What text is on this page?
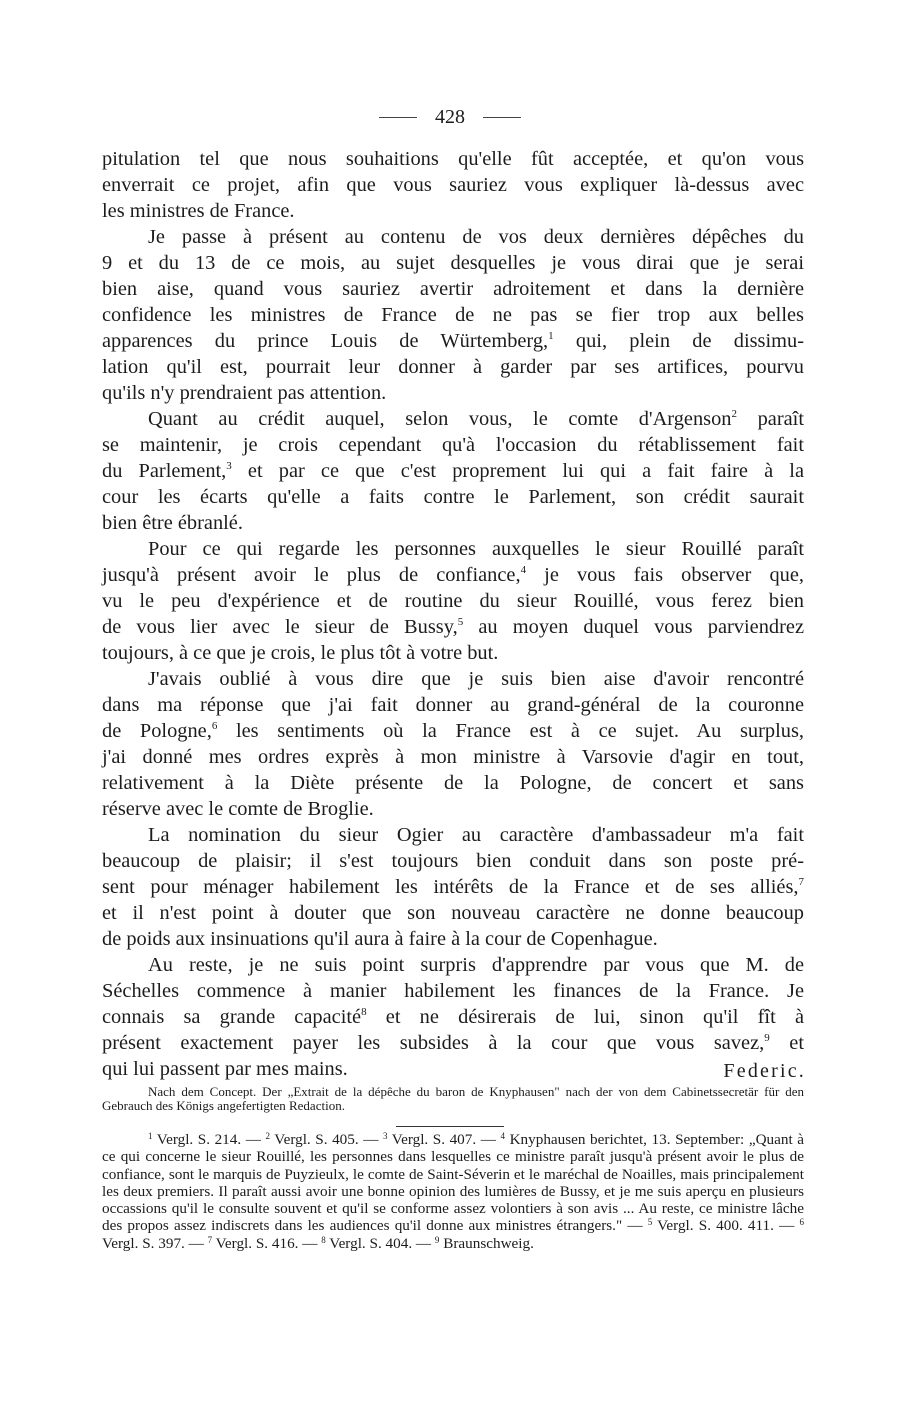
428

pitulation tel que nous souhaitions qu'elle fût acceptée, et qu'on vous
enverrait ce projet, afin que vous sauriez vous expliquer là-dessus avec

les ministres de France.

Je passe à présent au contenu de vos deux dernières dépêches du

9 et du 13 de ce mois, au sujet desquelles je vous dirai que je serai
bien aise, quand vous sauriez avertir adroitement et dans la dernière
confidence les ministres de France de ne pas se fier trop aux belles
apparences du prince Louis de Würtemberg,$^1$ qui, plein de dissimu-
lation qu'il est, pourrait leur donner à garder par ses artifices, pourvu

qu'ils n'y prendraient pas attention.

Quant au crédit auquel, selon vous, le comte d'Argenson$^2$ paraît

se maintenir, je crois cependant qu'à l'occasion du rétablissement fait
du Parlement,$^3$ et par ce que c'est proprement lui qui a fait faire à la
cour les écarts qu'elle a faits contre le Parlement, son crédit saurait

bien être ébranlé.

Pour ce qui regarde les personnes auxquelles le sieur Rouillé paraît

jusqu'à présent avoir le plus de confiance,$^4$ je vous fais observer que,
vu le peu d'expérience et de routine du sieur Rouillé, vous ferez bien
de vous lier avec le sieur de Bussy,$^5$ au moyen duquel vous parviendrez

toujours, à ce que je crois, le plus tôt à votre but.

J'avais oublié à vous dire que je suis bien aise d'avoir rencontré

dans ma réponse que j'ai fait donner au grand-général de la couronne
de Pologne,$^6$ les sentiments où la France est à ce sujet. Au surplus,
j'ai donné mes ordres exprès à mon ministre à Varsovie d'agir en tout,
relativement à la Diète présente de la Pologne, de concert et sans

réserve avec le comte de Broglie.

La nomination du sieur Ogier au caractère d'ambassadeur m'a fait

beaucoup de plaisir; il s'est toujours bien conduit dans son poste pré-
sent pour ménager habilement les intérêts de la France et de ses alliés,$^7$
et il n'est point à douter que son nouveau caractère ne donne beaucoup

de poids aux insinuations qu'il aura à faire à la cour de Copenhague.

Au reste, je ne suis point surpris d'apprendre par vous que M. de

Séchelles commence à manier habilement les finances de la France. Je
connais sa grande capacité$^8$ et ne désirerais de lui, sinon qu'il fît à
présent exactement payer les subsides à la cour que vous savez,$^9$ et

qui lui passent par mes mains.	Federic.
Nach dem Concept. Der „Extrait de la dépêche du baron de Knyphausen" nach der von dem Cabinetssecretär für den Gebrauch des Königs angefertigten Redaction.
$^1$ Vergl. S. 214. — $^2$ Vergl. S. 405. — $^3$ Vergl. S. 407. — $^4$ Knyphausen berichtet, 13. September: „Quant à ce qui concerne le sieur Rouillé, les personnes dans lesquelles ce ministre paraît jusqu'à présent avoir le plus de confiance, sont le marquis de Puyzieulx, le comte de Saint-Séverin et le maréchal de Noailles, mais principalement les deux premiers. Il paraît aussi avoir une bonne opinion des lumières de Bussy, et je me suis aperçu en plusieurs occassions qu'il le consulte souvent et qu'il se conforme assez volontiers à son avis ... Au reste, ce ministre lâche des propos assez indiscrets dans les audiences qu'il donne aux ministres étrangers." — $^5$ Vergl. S. 400. 411. — $^6$ Vergl. S. 397. — $^7$ Vergl. S. 416. — $^8$ Vergl. S. 404. — $^9$ Braunschweig.
